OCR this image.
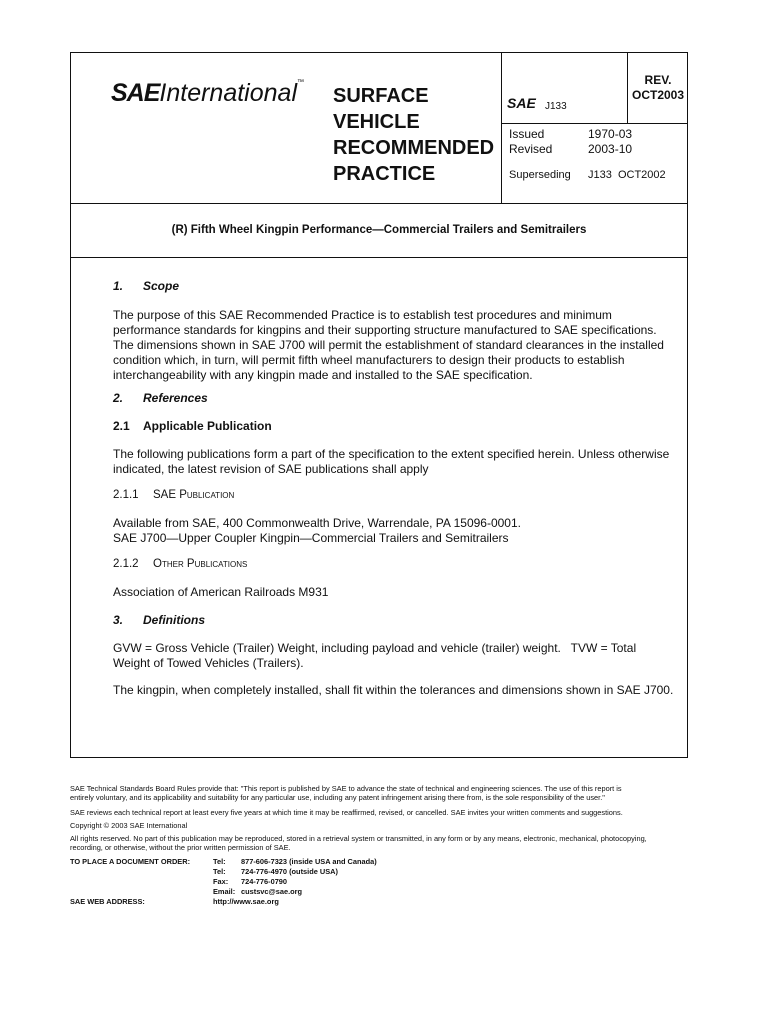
SAEInternational™
SURFACE
VEHICLE
RECOMMENDED
PRACTICE
SAE J133
REV.
OCT2003
Issued	1970-03
Revised	2003-10
Superseding J133  OCT2002
(R) Fifth Wheel Kingpin Performance—Commercial Trailers and Semitrailers
1. Scope
The purpose of this SAE Recommended Practice is to establish test procedures and minimum
performance standards for kingpins and their supporting structure manufactured to SAE specifications.
The dimensions shown in SAE J700 will permit the establishment of standard clearances in the installed
condition which, in turn, will permit fifth wheel manufacturers to design their products to establish
interchangeability with any kingpin made and installed to the SAE specification.
2. References
2.1 Applicable Publication
The following publications form a part of the specification to the extent specified herein. Unless otherwise
indicated, the latest revision of SAE publications shall apply
2.1.1 SAE Publication
Available from SAE, 400 Commonwealth Drive, Warrendale, PA 15096-0001.
SAE J700—Upper Coupler Kingpin—Commercial Trailers and Semitrailers
2.1.2 Other Publications
Association of American Railroads M931
3. Definitions
GVW = Gross Vehicle (Trailer) Weight, including payload and vehicle (trailer) weight.   TVW = Total
Weight of Towed Vehicles (Trailers).
The kingpin, when completely installed, shall fit within the tolerances and dimensions shown in SAE J700.
SAE Technical Standards Board Rules provide that: "This report is published by SAE to advance the state of technical and engineering sciences. The use of this report is
entirely voluntary, and its applicability and suitability for any particular use, including any patent infringement arising there from, is the sole responsibility of the user."
SAE reviews each technical report at least every five years at which time it may be reaffirmed, revised, or cancelled. SAE invites your written comments and suggestions.
Copyright © 2003 SAE International
All rights reserved. No part of this publication may be reproduced, stored in a retrieval system or transmitted, in any form or by any means, electronic, mechanical, photocopying,
recording, or otherwise, without the prior written permission of SAE.
TO PLACE A DOCUMENT ORDER:	Tel: 877-606-7323 (inside USA and Canada)
Tel: 724-776-4970 (outside USA)
Fax: 724-776-0790
Email: custsvc@sae.org
SAE WEB ADDRESS:	http://www.sae.org
